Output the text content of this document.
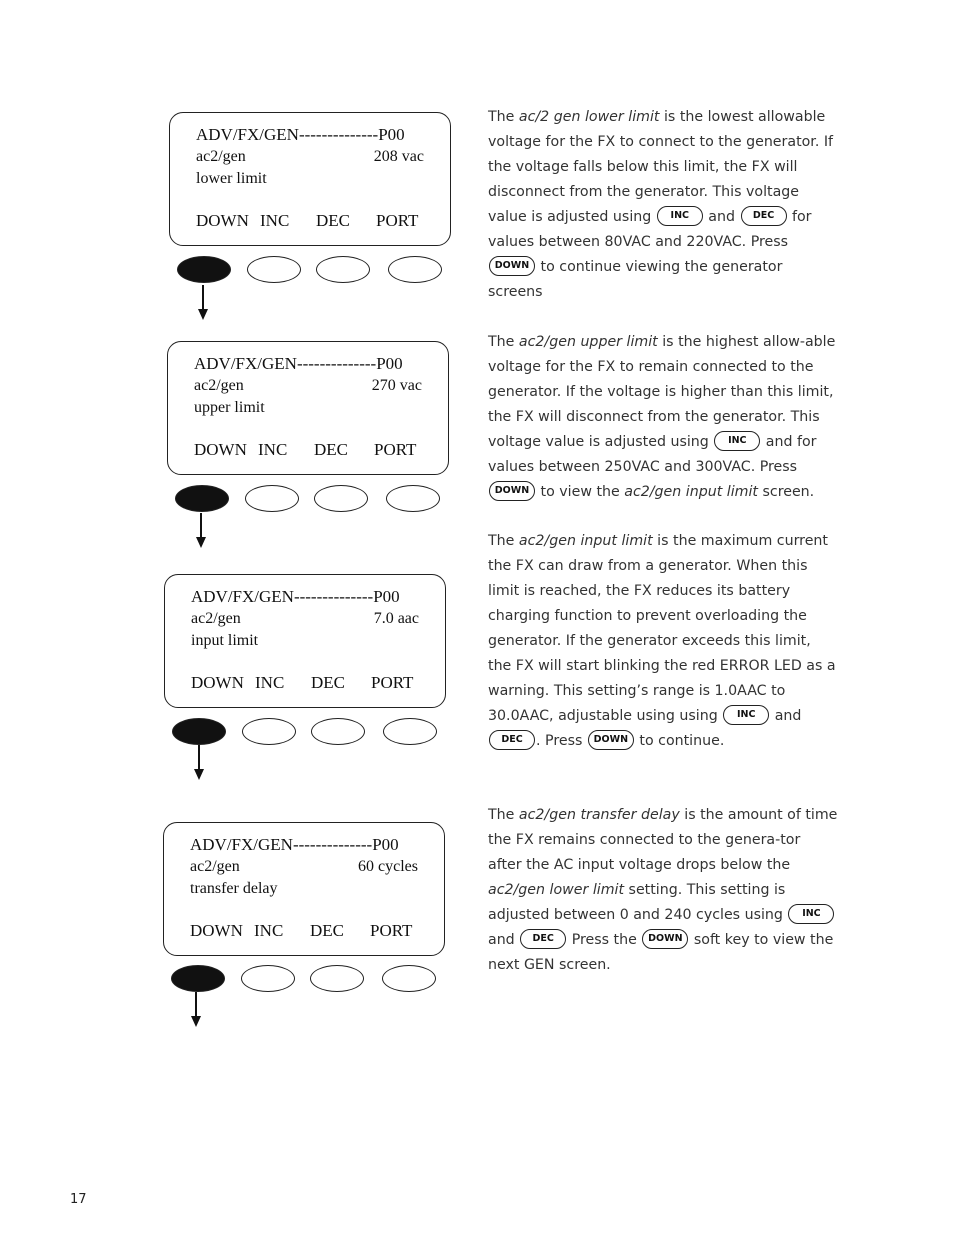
ADV/FX/GEN--------------P00
ac2/gen	208 vac
lower limit
DOWN INC DEC PORT
ADV/FX/GEN--------------P00
ac2/gen	270 vac
upper limit
DOWN INC DEC PORT
ADV/FX/GEN--------------P00
ac2/gen	7.0 aac
input limit
DOWN INC DEC PORT
ADV/FX/GEN--------------P00
ac2/gen	60 cycles
transfer delay
DOWN INC DEC PORT

The ac/2 gen lower limit is the lowest allowable voltage for the FX to connect to the generator. If the voltage falls below this limit, the FX will disconnect from the generator. This voltage value is adjusted using INC and DEC for values between 80VAC and 220VAC. Press DOWN to continue viewing the generator screens

The ac2/gen upper limit is the highest allow-able voltage for the FX to remain connected to the generator. If the voltage is higher than this limit, the FX will disconnect from the generator. This voltage value is adjusted using INC and for values between 250VAC and 300VAC. Press DOWN to view the ac2/gen input limit screen.

The ac2/gen input limit is the maximum current the FX can draw from a generator. When this limit is reached, the FX reduces its battery charging function to prevent overloading the generator. If the generator exceeds this limit, the FX will start blinking the red ERROR LED as a warning. This setting’s range is 1.0AAC to 30.0AAC, adjustable using using INC and DEC . Press DOWN to continue.

The ac2/gen transfer delay is the amount of time the FX remains connected to the genera-tor after the AC input voltage drops below the ac2/gen lower limit setting. This setting is adjusted between 0 and 240 cycles using INC and DEC Press the DOWN soft key to view the next GEN screen.

17
